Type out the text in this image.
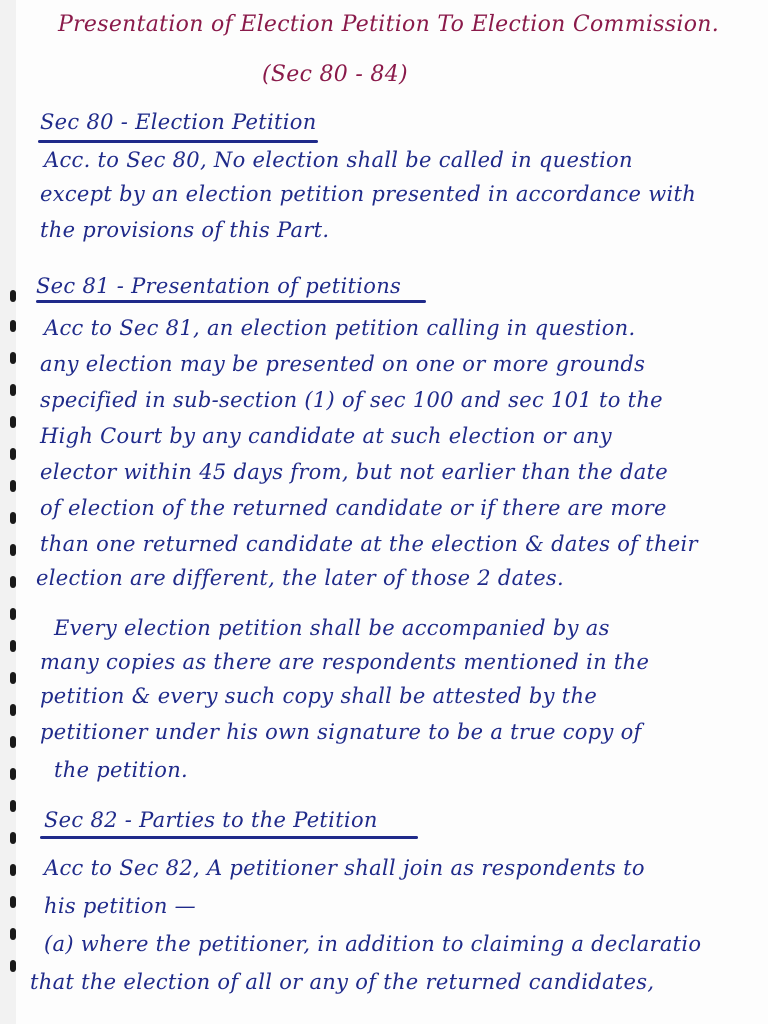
Presentation of Election Petition To Election Commission.

(Sec 80 - 84)

Sec 80 - Election Petition

Acc. to Sec 80, No election shall be called in question

except by an election petition presented in accordance with

the provisions of this Part.

Sec 81 - Presentation of petitions

Acc to Sec 81, an election petition calling in question.

any election may be presented on one or more grounds

specified in sub-section (1) of sec 100 and sec 101 to the

High Court by any candidate at such election or any

elector within 45 days from, but not earlier than the date

of election of the returned candidate or if there are more

than one returned candidate at the election & dates of their

election are different, the later of those 2 dates.

Every election petition shall be accompanied by as

many copies as there are respondents mentioned in the

petition & every such copy shall be attested by the

petitioner under his own signature to be a true copy of

the petition.

Sec 82 - Parties to the Petition

Acc to Sec 82, A petitioner shall join as respondents to

his petition —

(a) where the petitioner, in addition to claiming a declaratio

that the election of all or any of the returned candidates,
